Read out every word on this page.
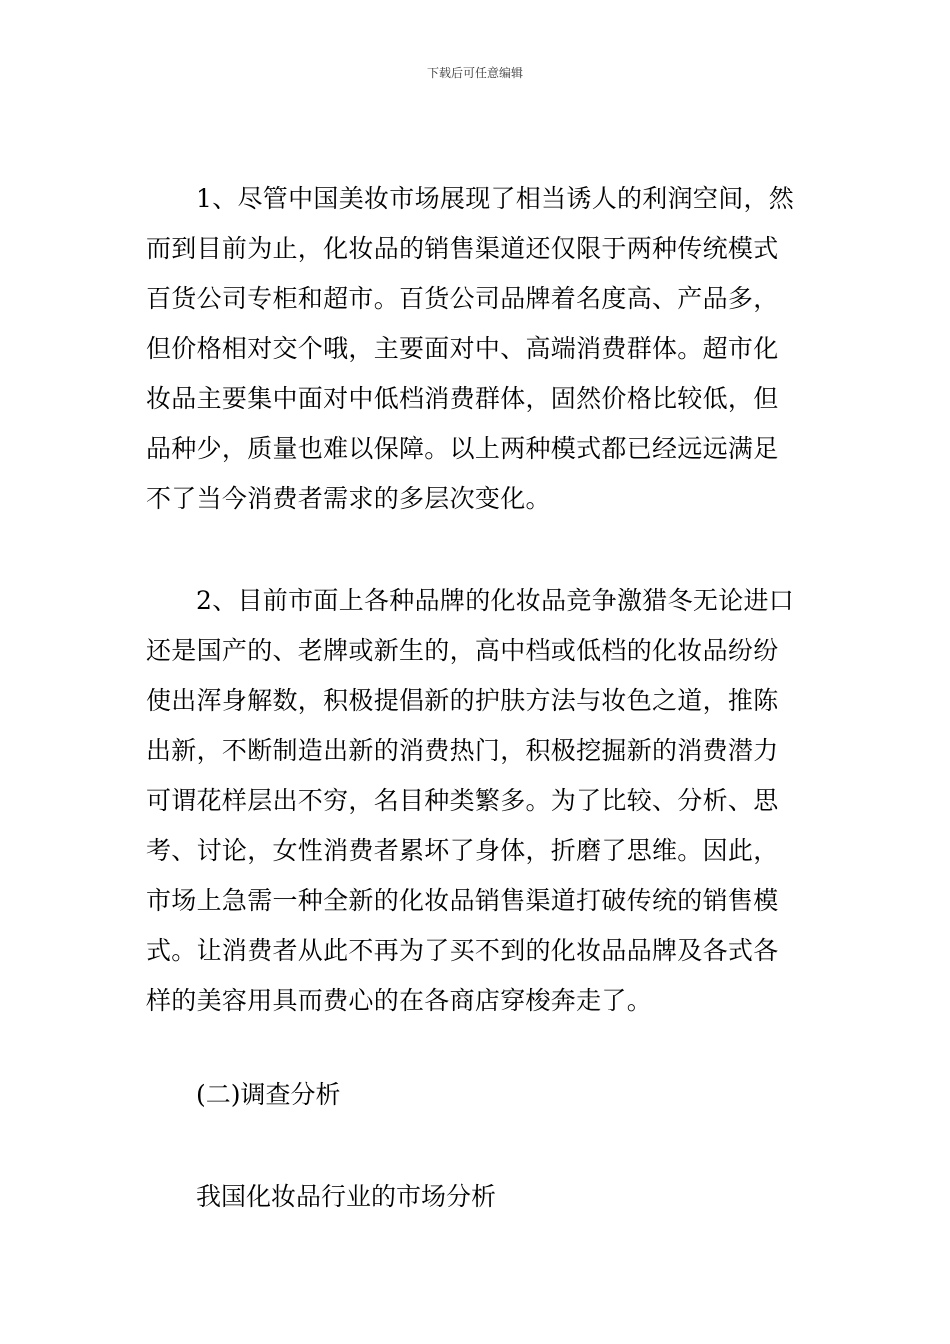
下载后可任意编辑

1、尽管中国美妆市场展现了相当诱人的利润空间，然
而到目前为止，化妆品的销售渠道还仅限于两种传统模式
百货公司专柜和超市。百货公司品牌着名度高、产品多，
但价格相对交个哦，主要面对中、高端消费群体。超市化
妆品主要集中面对中低档消费群体，固然价格比较低，但
品种少，质量也难以保障。以上两种模式都已经远远满足
不了当今消费者需求的多层次变化。

2、目前市面上各种品牌的化妆品竞争激猎冬无论进口
还是国产的、老牌或新生的，高中档或低档的化妆品纷纷
使出浑身解数，积极提倡新的护肤方法与妆色之道，推陈
出新，不断制造出新的消费热门，积极挖掘新的消费潜力
可谓花样层出不穷，名目种类繁多。为了比较、分析、思
考、讨论，女性消费者累坏了身体，折磨了思维。因此，
市场上急需一种全新的化妆品销售渠道打破传统的销售模
式。让消费者从此不再为了买不到的化妆品品牌及各式各
样的美容用具而费心的在各商店穿梭奔走了。

(二)调查分析
我国化妆品行业的市场分析
